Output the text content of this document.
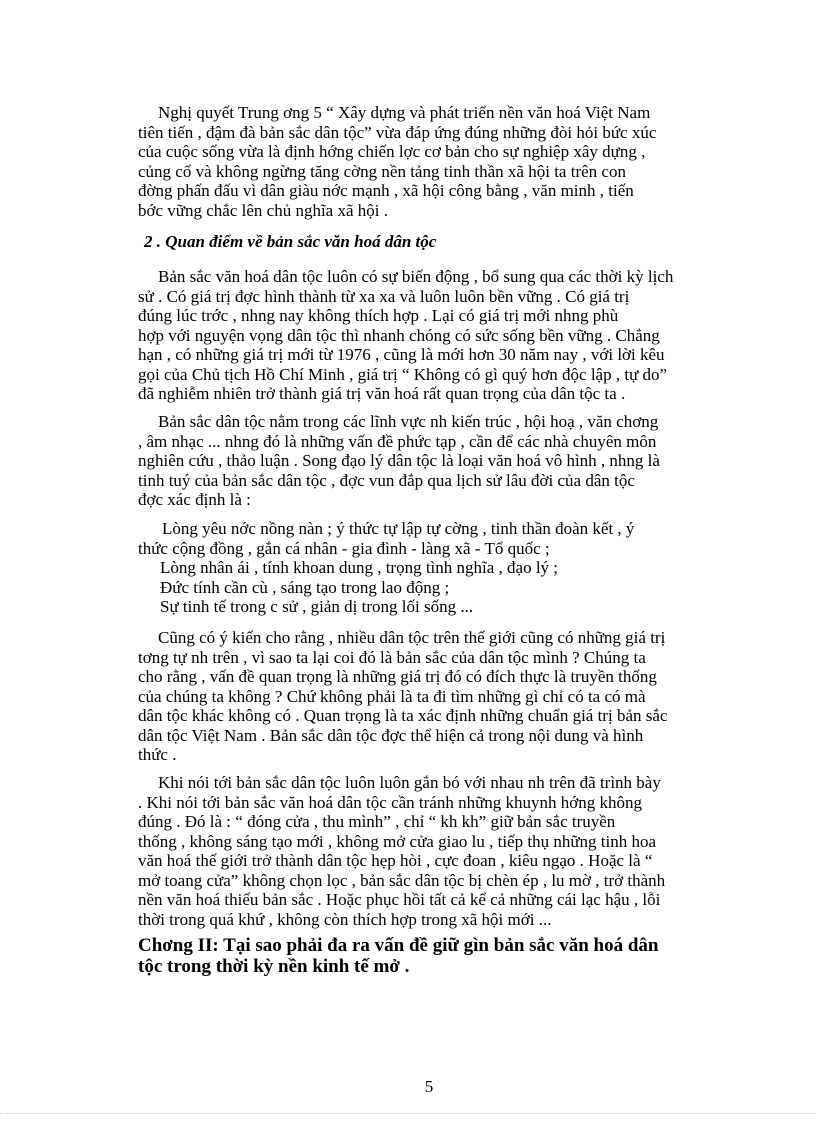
Nghị quyết Trung ơng 5 “ Xây dựng và phát triển nền văn hoá Việt Nam
tiên tiến , đậm đà bản sắc dân tộc” vừa đáp ứng đúng những đòi hỏi bức xúc
của cuộc sống vừa là định hớng chiến lợc cơ bản cho sự nghiệp xây dựng ,
củng cố và không ngừng tăng cờng nền tảng tinh thần xã hội ta trên con
đờng phấn đấu vì dân giàu nớc mạnh , xã hội công bằng , văn minh , tiến
bớc vững chắc lên chủ nghĩa xã hội .

2 . Quan điểm về bản sắc văn hoá dân tộc

Bản sắc văn hoá dân tộc luôn có sự biến động , bổ sung qua các thời kỳ lịch
sử . Có giá trị đợc hình thành từ xa xa và luôn luôn bền vững . Có giá trị
đúng lúc trớc , nhng nay không thích hợp . Lại có giá trị mới nhng phù
hợp với nguyện vọng dân tộc thì nhanh chóng có sức sống bền vững . Chẳng
hạn , có những giá trị mới từ 1976 , cũng là mới hơn 30 năm nay , với lời kêu
gọi của Chủ tịch Hồ Chí Minh , giá trị “ Không có gì quý hơn độc lập , tự do”
đã nghiễm nhiên trở thành giá trị văn hoá rất quan trọng của dân tộc ta .

Bản sắc dân tộc nằm trong các lĩnh vực nh kiến trúc , hội hoạ , văn chơng
, âm nhạc ... nhng đó là những vấn đề phức tạp , cần để các nhà chuyên môn
nghiên cứu , thảo luận . Song đạo lý dân tộc là loại văn hoá vô hình , nhng là
tinh tuý của bản sắc dân tộc , đợc vun đắp qua lịch sử lâu đời của dân tộc
đợc xác định là :

Lòng yêu nớc nồng nàn ; ý thức tự lập tự cờng , tinh thần đoàn kết , ý
thức cộng đồng , gắn cá nhân - gia đình - làng xã - Tổ quốc ;
Lòng nhân ái , tính khoan dung , trọng tình nghĩa , đạo lý ;
Đức tính cần cù , sáng tạo trong lao động ;
Sự tinh tế trong c sử , giản dị trong lối sống ...

Cũng có ý kiến cho rằng , nhiều dân tộc trên thế giới cũng có những giá trị
tơng tự nh trên , vì sao ta lại coi đó là bản sắc của dân tộc mình ? Chúng ta
cho rằng , vấn đề quan trọng là những giá trị đó có đích thực là truyền thống
của chúng ta không ? Chứ không phải là ta đi tìm những gì chỉ có ta có mà
dân tộc khác không có . Quan trọng là ta xác định những chuẩn giá trị bản sắc
dân tộc Việt Nam . Bản sắc dân tộc đợc thể hiện cả trong nội dung và hình
thức .

Khi nói tới bản sắc dân tộc luôn luôn gắn bó với nhau nh trên đã trình bày
. Khi nói tới bản sắc văn hoá dân tộc cần tránh những khuynh hớng không
đúng . Đó là : “ đóng cửa , thu mình” , chỉ “ kh kh” giữ bản sắc truyền
thống , không sáng tạo mới , không mở cửa giao lu , tiếp thụ những tinh hoa
văn hoá thế giới trở thành dân tộc hẹp hòi , cực đoan , kiêu ngạo . Hoặc là “
mở toang cửa” không chọn lọc , bản sắc dân tộc bị chèn ép , lu mờ , trở thành
nền văn hoá thiếu bản sắc . Hoặc phục hồi tất cả kể cả những cái lạc hậu , lỗi
thời trong quá khứ , không còn thích hợp trong xã hội mới ...

Chơng II: Tại sao phải đa ra vấn đề giữ gìn bản sắc văn hoá dân
tộc trong thời kỳ nền kinh tế mở .
5
